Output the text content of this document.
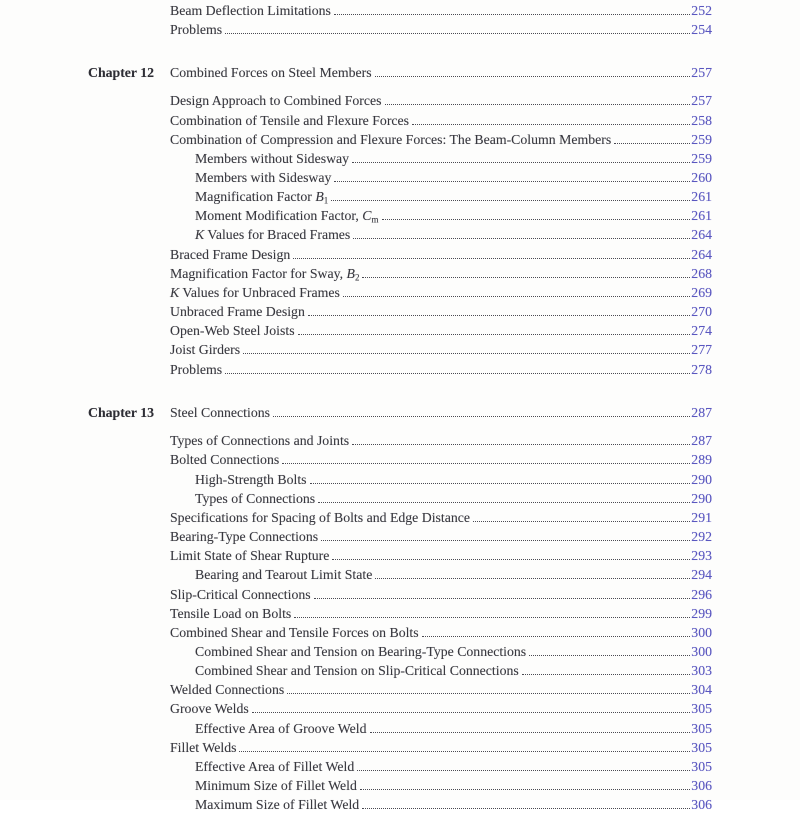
Beam Deflection Limitations	252
Problems	254
Chapter 12	Combined Forces on Steel Members	257
Design Approach to Combined Forces	257
Combination of Tensile and Flexure Forces	258
Combination of Compression and Flexure Forces: The Beam-Column Members	259
Members without Sidesway	259
Members with Sidesway	260
Magnification Factor $B_1$	261
Moment Modification Factor, $C_m$	261
K Values for Braced Frames	264
Braced Frame Design	264
Magnification Factor for Sway, $B_2$	268
K Values for Unbraced Frames	269
Unbraced Frame Design	270
Open-Web Steel Joists	274
Joist Girders	277
Problems	278
Chapter 13	Steel Connections	287
Types of Connections and Joints	287
Bolted Connections	289
High-Strength Bolts	290
Types of Connections	290
Specifications for Spacing of Bolts and Edge Distance	291
Bearing-Type Connections	292
Limit State of Shear Rupture	293
Bearing and Tearout Limit State	294
Slip-Critical Connections	296
Tensile Load on Bolts	299
Combined Shear and Tensile Forces on Bolts	300
Combined Shear and Tension on Bearing-Type Connections	300
Combined Shear and Tension on Slip-Critical Connections	303
Welded Connections	304
Groove Welds	305
Effective Area of Groove Weld	305
Fillet Welds	305
Effective Area of Fillet Weld	305
Minimum Size of Fillet Weld	306
Maximum Size of Fillet Weld	306
